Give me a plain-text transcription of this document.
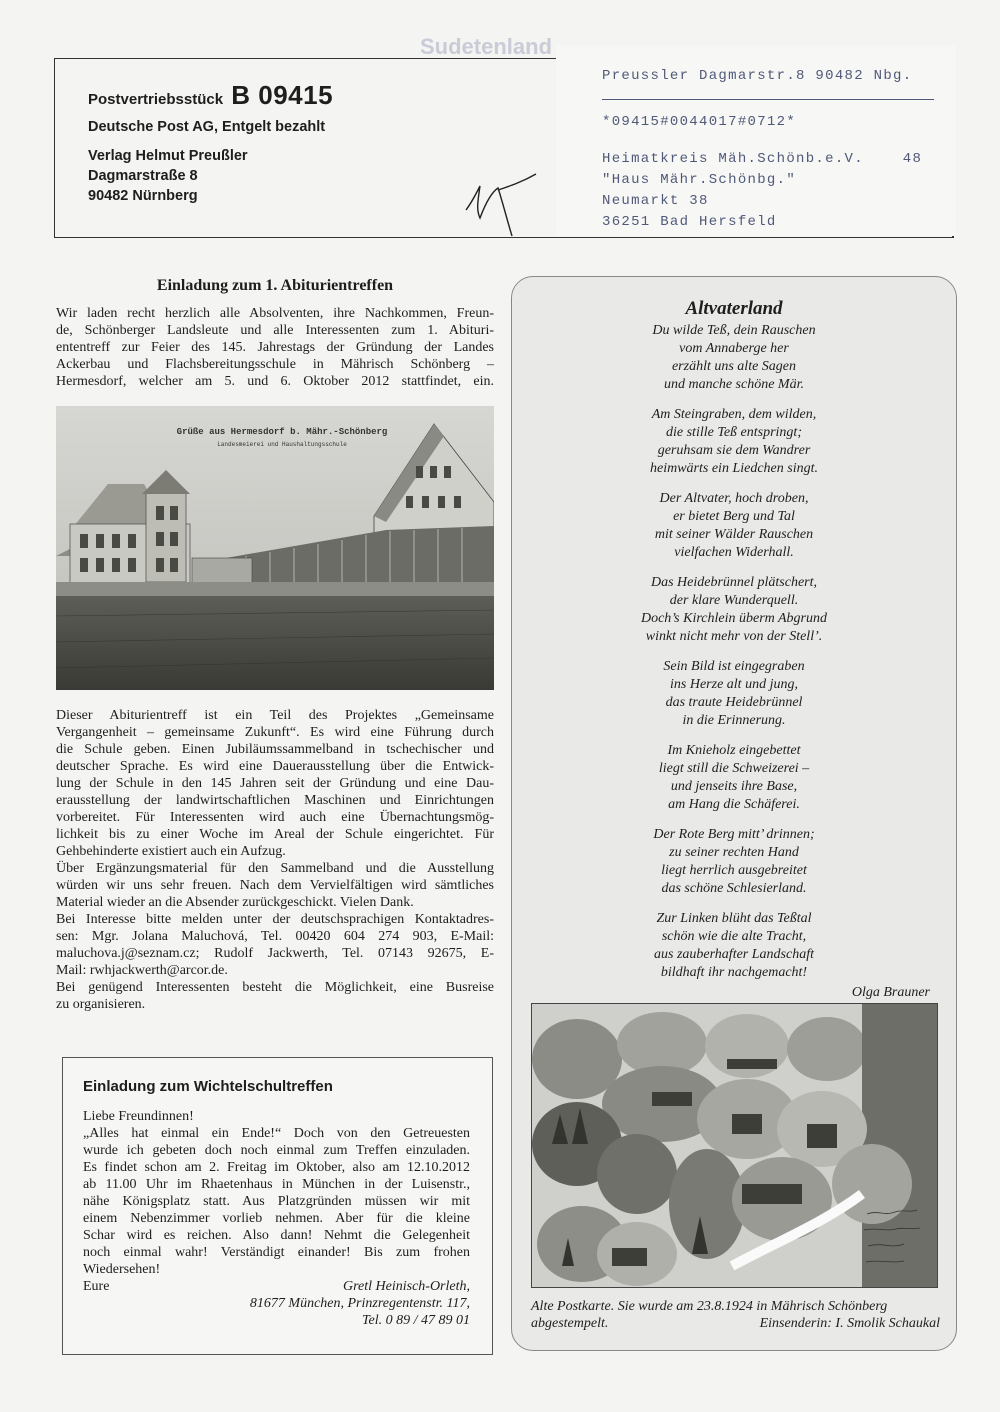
Sudetenland
Postvertriebsstück B 09415
Deutsche Post AG, Entgelt bezahlt
Verlag Helmut Preußler
Dagmarstraße 8
90482 Nürnberg
Preussler Dagmarstr.8 90482 Nbg.
*09415#0044017#0712*
Heimatkreis Mäh.Schönb.e.V.    48
"Haus Mähr.Schönbg."
Neumarkt 38
36251 Bad Hersfeld
Einladung zum 1. Abiturientreffen
Wir laden recht herzlich alle Absolventen, ihre Nachkommen, Freun-
de, Schönberger Landsleute und alle Interessenten zum 1. Abituri-
ententreff zur Feier des 145. Jahrestags der Gründung der Landes
Ackerbau und Flachsbereitungsschule in Mährisch Schönberg –
Hermesdorf, welcher am 5. und 6. Oktober 2012 stattfindet, ein.
Grüße aus Hermesdorf b. Mähr.-Schönberg
Landesmeierei und Haushaltungsschule
Dieser Abiturientreff ist ein Teil des Projektes „Gemeinsame
Vergangenheit – gemeinsame Zukunft“. Es wird eine Führung durch
die Schule geben. Einen Jubiläumssammelband in tschechischer und
deutscher Sprache. Es wird eine Dauerausstellung über die Entwick-
lung der Schule in den 145 Jahren seit der Gründung und eine Dau-
erausstellung der landwirtschaftlichen Maschinen und Einrichtungen
vorbereitet. Für Interessenten wird auch eine Übernachtungsmög-
lichkeit bis zu einer Woche im Areal der Schule eingerichtet. Für
Gehbehinderte existiert auch ein Aufzug.
Über Ergänzungsmaterial für den Sammelband und die Ausstellung
würden wir uns sehr freuen. Nach dem Vervielfältigen wird sämtliches
Material wieder an die Absender zurückgeschickt. Vielen Dank.
Bei Interesse bitte melden unter der deutschsprachigen Kontaktadres-
sen: Mgr. Jolana Maluchová, Tel. 00420 604 274 903, E-Mail:
maluchova.j@seznam.cz; Rudolf Jackwerth, Tel. 07143 92675, E-
Mail: rwhjackwerth@arcor.de.
Bei genügend Interessenten besteht die Möglichkeit, eine Busreise
zu organisieren.
Einladung zum Wichtelschultreffen
Liebe Freundinnen!
„Alles hat einmal ein Ende!“ Doch von den Getreuesten
wurde ich gebeten doch noch einmal zum Treffen einzuladen.
Es findet schon am 2. Freitag im Oktober, also am 12.10.2012
ab 11.00 Uhr im Rhaetenhaus in München in der Luisenstr.,
nähe Königsplatz statt. Aus Platzgründen müssen wir mit
einem Nebenzimmer vorlieb nehmen. Aber für die kleine
Schar wird es reichen. Also dann! Nehmt die Gelegenheit
noch einmal wahr! Verständigt einander! Bis zum frohen
Wiedersehen!
Eure	Gretl Heinisch-Orleth,
81677 München, Prinzregentenstr. 117,
Tel. 0 89 / 47 89 01
Altvaterland
Du wilde Teß, dein Rauschen
vom Annaberge her
erzählt uns alte Sagen
und manche schöne Mär.
Am Steingraben, dem wilden,
die stille Teß entspringt;
geruhsam sie dem Wandrer
heimwärts ein Liedchen singt.
Der Altvater, hoch droben,
er bietet Berg und Tal
mit seiner Wälder Rauschen
vielfachen Widerhall.
Das Heidebrünnel plätschert,
der klare Wunderquell.
Doch’s Kirchlein überm Abgrund
winkt nicht mehr von der Stell’.
Sein Bild ist eingegraben
ins Herze alt und jung,
das traute Heidebrünnel
in die Erinnerung.
Im Knieholz eingebettet
liegt still die Schweizerei –
und jenseits ihre Base,
am Hang die Schäferei.
Der Rote Berg mitt’ drinnen;
zu seiner rechten Hand
liegt herrlich ausgebreitet
das schöne Schlesierland.
Zur Linken blüht das Teßtal
schön wie die alte Tracht,
aus zauberhafter Landschaft
bildhaft ihr nachgemacht!
Olga Brauner
Alte Postkarte. Sie wurde am 23.8.1924 in Mährisch Schönberg
abgestempelt.	Einsenderin: I. Smolik Schaukal
